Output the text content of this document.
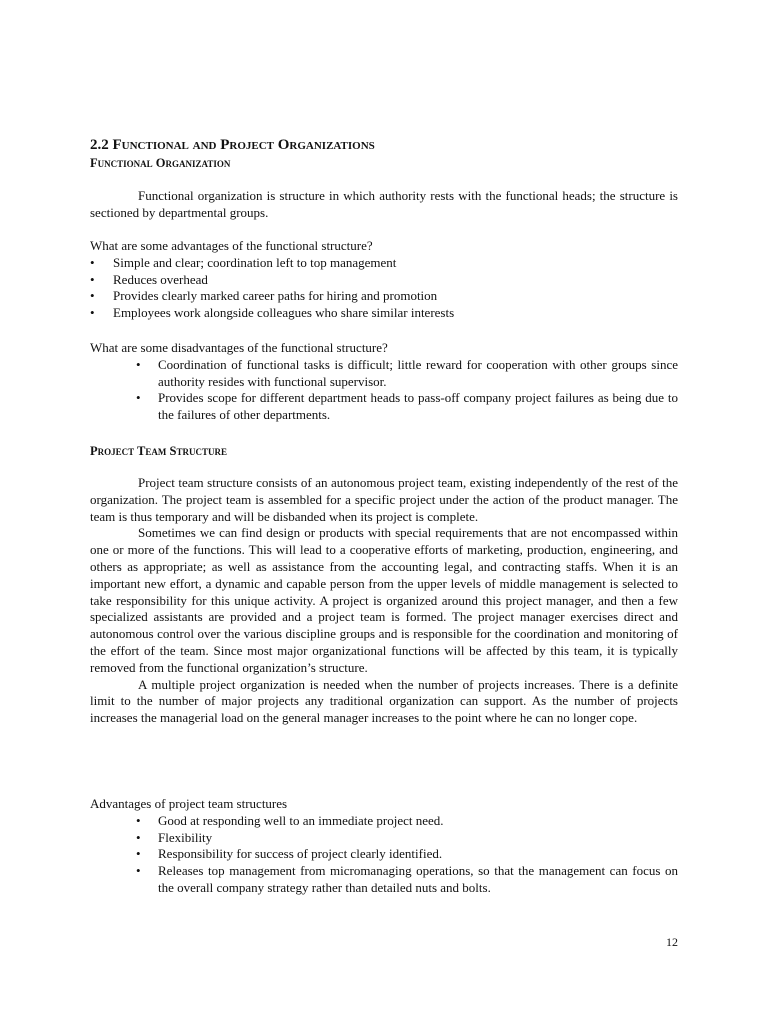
2.2 Functional and Project Organizations
Functional Organization

Functional organization is structure in which authority rests with the functional heads; the structure is sectioned by departmental groups.

What are some advantages of the functional structure?

• Simple and clear; coordination left to top management
• Reduces overhead
• Provides clearly marked career paths for hiring and promotion
• Employees work alongside colleagues who share similar interests

What are some disadvantages of the functional structure?

• Coordination of functional tasks is difficult; little reward for cooperation with other groups since authority resides with functional supervisor.
• Provides scope for different department heads to pass-off company project failures as being due to the failures of other departments.
Project Team Structure

Project team structure consists of an autonomous project team, existing independently of the rest of the organization. The project team is assembled for a specific project under the action of the product manager. The team is thus temporary and will be disbanded when its project is complete.

Sometimes we can find design or products with special requirements that are not encompassed within one or more of the functions. This will lead to a cooperative efforts of marketing, production, engineering, and others as appropriate; as well as assistance from the accounting legal, and contracting staffs. When it is an important new effort, a dynamic and capable person from the upper levels of middle management is selected to take responsibility for this unique activity. A project is organized around this project manager, and then a few specialized assistants are provided and a project team is formed. The project manager exercises direct and autonomous control over the various discipline groups and is responsible for the coordination and monitoring of the effort of the team. Since most major organizational functions will be affected by this team, it is typically removed from the functional organization’s structure.

A multiple project organization is needed when the number of projects increases. There is a definite limit to the number of major projects any traditional organization can support. As the number of projects increases the managerial load on the general manager increases to the point where he can no longer cope.

Advantages of project team structures

• Good at responding well to an immediate project need.
• Flexibility
• Responsibility for success of project clearly identified.
• Releases top management from micromanaging operations, so that the management can focus on the overall company strategy rather than detailed nuts and bolts.
12
